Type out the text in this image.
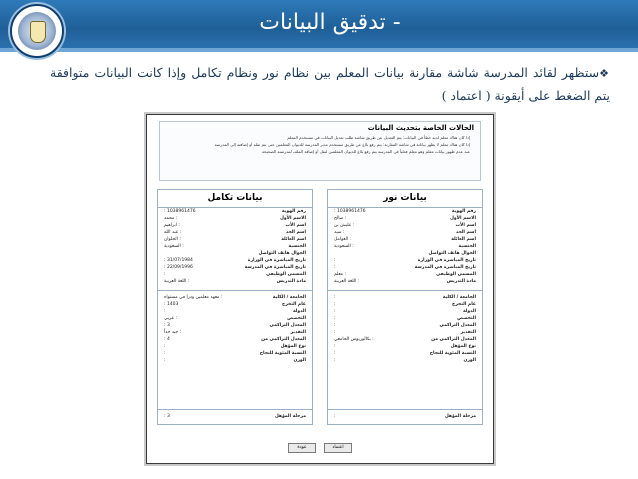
- تدقيق البيانات
❖ستظهر لقائد المدرسة شاشة مقارنة بيانات المعلم بين نظام نور ونظام تكامل وإذا كانت البيانات متوافقة يتم الضغط على أيقونة ( اعتماد )
الحالات الخاصة بتحديث البيانات
إذا كان هناك معلم لديه خطأ في البيانات: يتم التعديل عن طريق شاشة طلب تعديل البيانات في مستخدم المعلم
إذا كان هناك معلم لا يظهر بياناته في شاشة المقارنة: يتم رفع بلاغ عن طريق مستخدم مدير المدرسة للديوان المعلمين حتى يتم نقله أو إضافته إلى المدرسة
عند عدم ظهور بيانات معلم وهو معلم فعلياً في المدرسة يتم رفع بلاغ للديوان المعلمين لنقل أو إضافة الملف لمدرسته الصحيحة
بيانات نور
رقم الهوية
1038961476 :
الاسم الأول
: صالح
اسم الأب
: عليش بن
اسم الجد
: سيد
اسم العائلة
: الغوامل
الجنسية
: السعودية
الجوال هاتف التواصل
تاريخ المباشرة في الوزارة
:
تاريخ المباشرة في المدرسة
:
المسمى الوظيفي
: معلم
مادة التدريس
: اللغة العربية
الجامعة / الكلية
:
عام التخرج
:
الدولة
:
التخصص
:
المعدل التراكمي
:
التقدير
:
المعدل التراكمي من
: بكالوريوس الجامعي
نوع المؤهل
:
النسبة المئوية للنجاح
:
الوزن
:
مرحلة المؤهل
:
بيانات تكامل
رقم الهوية
1038961476 :
الاسم الأول
: محمد
اسم الأب
: ابراهيم
اسم الجد
: عبد الله
اسم العائلة
: الحلوان
الجنسية
: السعودية
الجوال هاتف التواصل
تاريخ المباشرة في الوزارة
31/07/1984 :
تاريخ المباشرة في المدرسة
22/09/1996 :
المسمى الوظيفي
:
مادة التدريس
: اللغة العربية
الجامعة / الكلية
: معهد معلمين ودرا في مستواه
عام التخرج
1403 :
الدولة
:
التخصص
: عربي
المعدل التراكمي
3 :
التقدير
: جيد جداً
المعدل التراكمي من
4 :
نوع المؤهل
:
النسبة المئوية للنجاح
:
الوزن
:
مرحلة المؤهل
3 :
عودة	اعتماد
